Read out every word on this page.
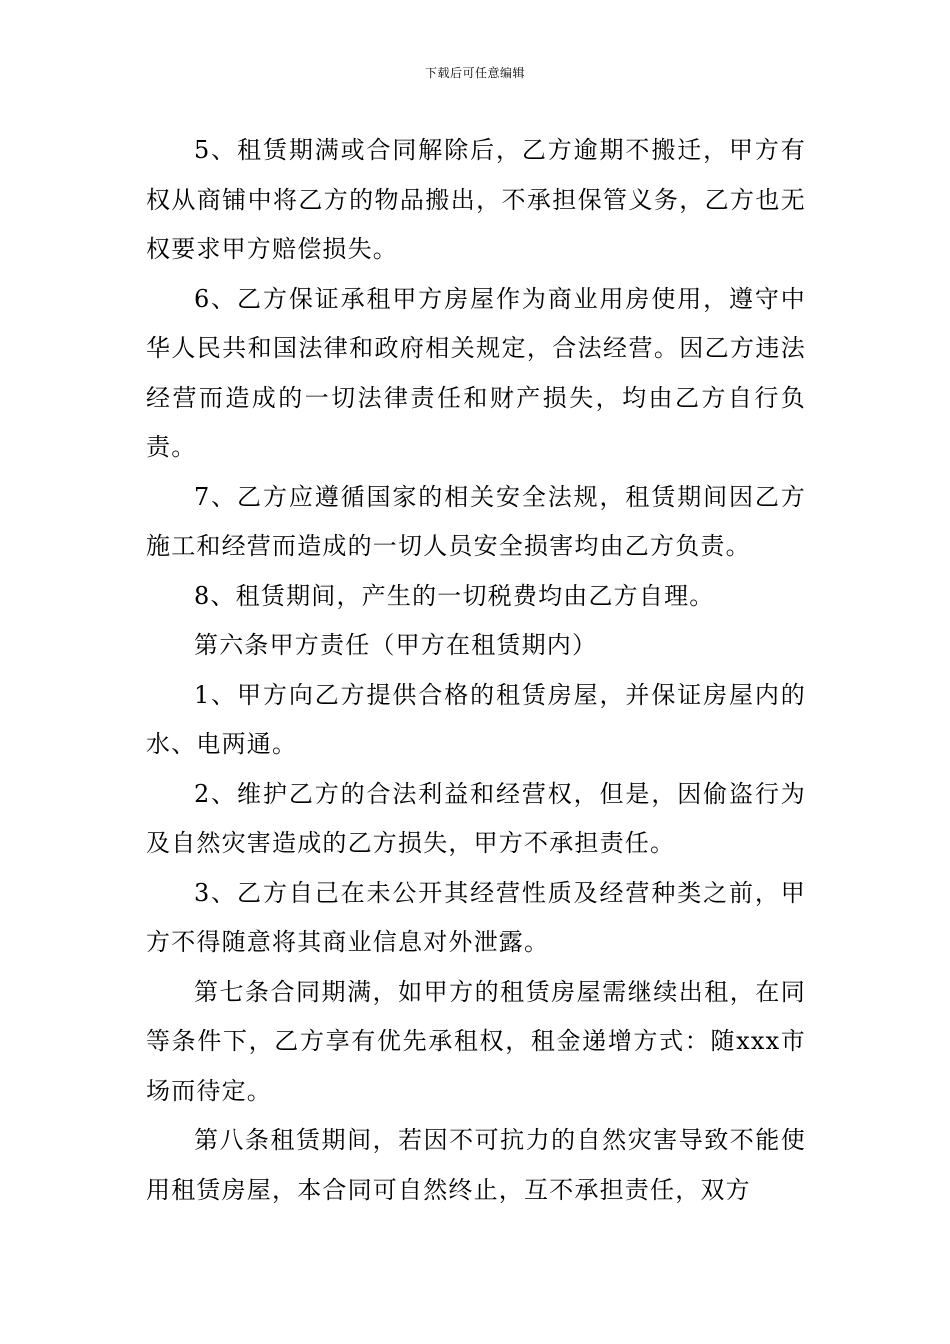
下载后可任意编辑

5、租赁期满或合同解除后，乙方逾期不搬迁，甲方有权从商铺中将乙方的物品搬出，不承担保管义务，乙方也无权要求甲方赔偿损失。

6、乙方保证承租甲方房屋作为商业用房使用，遵守中华人民共和国法律和政府相关规定，合法经营。因乙方违法经营而造成的一切法律责任和财产损失，均由乙方自行负责。

7、乙方应遵循国家的相关安全法规，租赁期间因乙方施工和经营而造成的一切人员安全损害均由乙方负责。

8、租赁期间，产生的一切税费均由乙方自理。

第六条甲方责任（甲方在租赁期内）

1、甲方向乙方提供合格的租赁房屋，并保证房屋内的水、电两通。

2、维护乙方的合法利益和经营权，但是，因偷盗行为及自然灾害造成的乙方损失，甲方不承担责任。

3、乙方自己在未公开其经营性质及经营种类之前，甲方不得随意将其商业信息对外泄露。

第七条合同期满，如甲方的租赁房屋需继续出租，在同等条件下，乙方享有优先承租权，租金递增方式：随xxx市场而待定。

第八条租赁期间，若因不可抗力的自然灾害导致不能使用租赁房屋，本合同可自然终止，互不承担责任，双方
